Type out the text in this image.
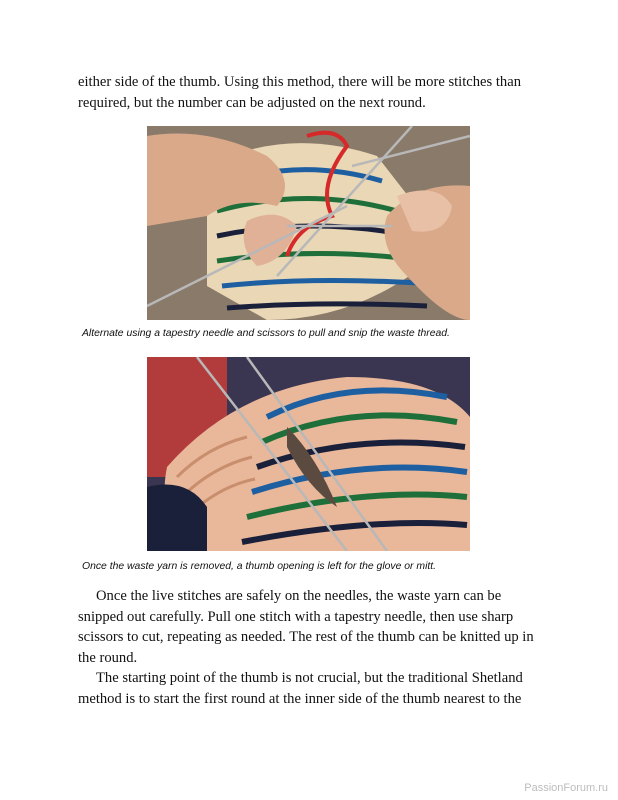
either side of the thumb. Using this method, there will be more stitches than required, but the number can be adjusted on the next round.

Alternate using a tapestry needle and scissors to pull and snip the waste thread.

Once the waste yarn is removed, a thumb opening is left for the glove or mitt.

Once the live stitches are safely on the needles, the waste yarn can be snipped out carefully. Pull one stitch with a tapestry needle, then use sharp scissors to cut, repeating as needed. The rest of the thumb can be knitted up in the round.

The starting point of the thumb is not crucial, but the traditional Shetland method is to start the first round at the inner side of the thumb nearest to the

PassionForum.ru
